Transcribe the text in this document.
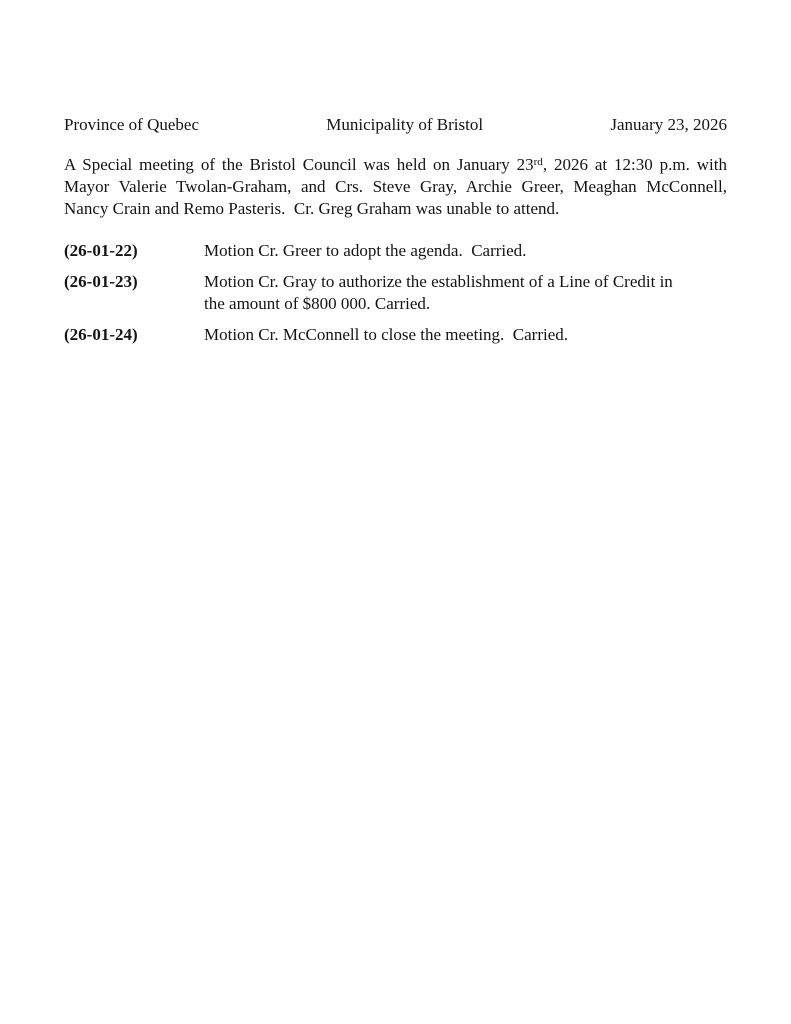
Province of Quebec	Municipality of Bristol	January 23, 2026
A Special meeting of the Bristol Council was held on January 23rd, 2026 at 12:30 p.m. with
Mayor Valerie Twolan-Graham, and Crs. Steve Gray, Archie Greer, Meaghan McConnell,
Nancy Crain and Remo Pasteris.  Cr. Greg Graham was unable to attend.
(26-01-22)	Motion Cr. Greer to adopt the agenda.  Carried.
(26-01-23)	Motion Cr. Gray to authorize the establishment of a Line of Credit in
the amount of $800 000. Carried.
(26-01-24)	Motion Cr. McConnell to close the meeting.  Carried.
